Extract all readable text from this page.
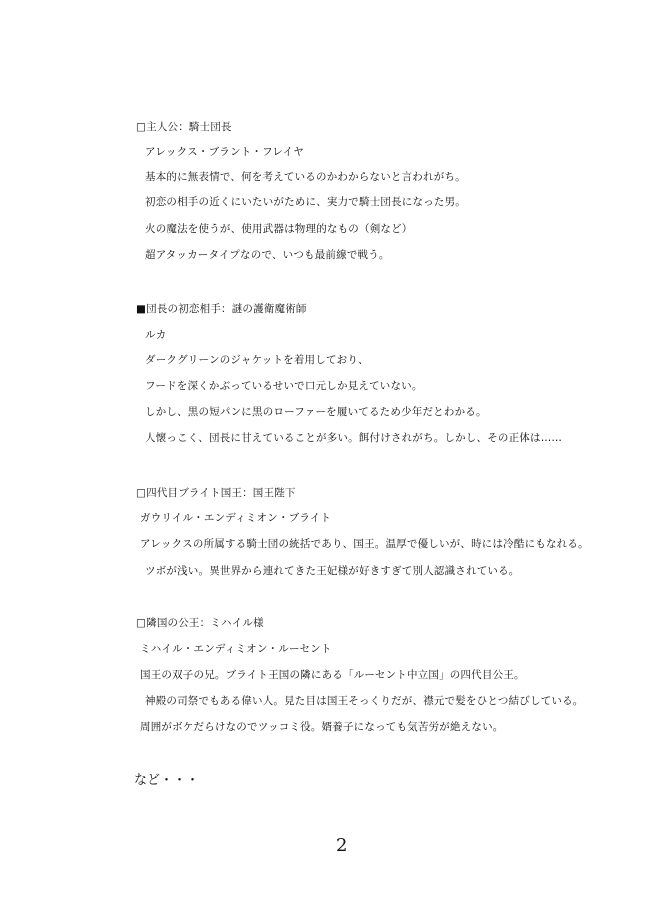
□主人公：騎士団長
アレックス・ブラント・フレイヤ
基本的に無表情で、何を考えているのかわからないと言われがち。
初恋の相手の近くにいたいがために、実力で騎士団長になった男。
火の魔法を使うが、使用武器は物理的なもの（剣など）
超アタッカータイプなので、いつも最前線で戦う。
■団長の初恋相手：謎の護衛魔術師
ルカ
ダークグリーンのジャケットを着用しており、
フードを深くかぶっているせいで口元しか見えていない。
しかし、黒の短パンに黒のローファーを履いてるため少年だとわかる。
人懐っこく、団長に甘えていることが多い。餌付けされがち。しかし、その正体は……
□四代目ブライト国王：国王陛下
ガウリイル・エンディミオン・ブライト
アレックスの所属する騎士団の統括であり、国王。温厚で優しいが、時には冷酷にもなれる。
ツボが浅い。異世界から連れてきた王妃様が好きすぎて別人認識されている。
□隣国の公王：ミハイル様
ミハイル・エンディミオン・ルーセント
国王の双子の兄。ブライト王国の隣にある「ルーセント中立国」の四代目公王。
神殿の司祭でもある偉い人。見た目は国王そっくりだが、襟元で髪をひとつ結びしている。
周囲がボケだらけなのでツッコミ役。婿養子になっても気苦労が絶えない。
など・・・
2
